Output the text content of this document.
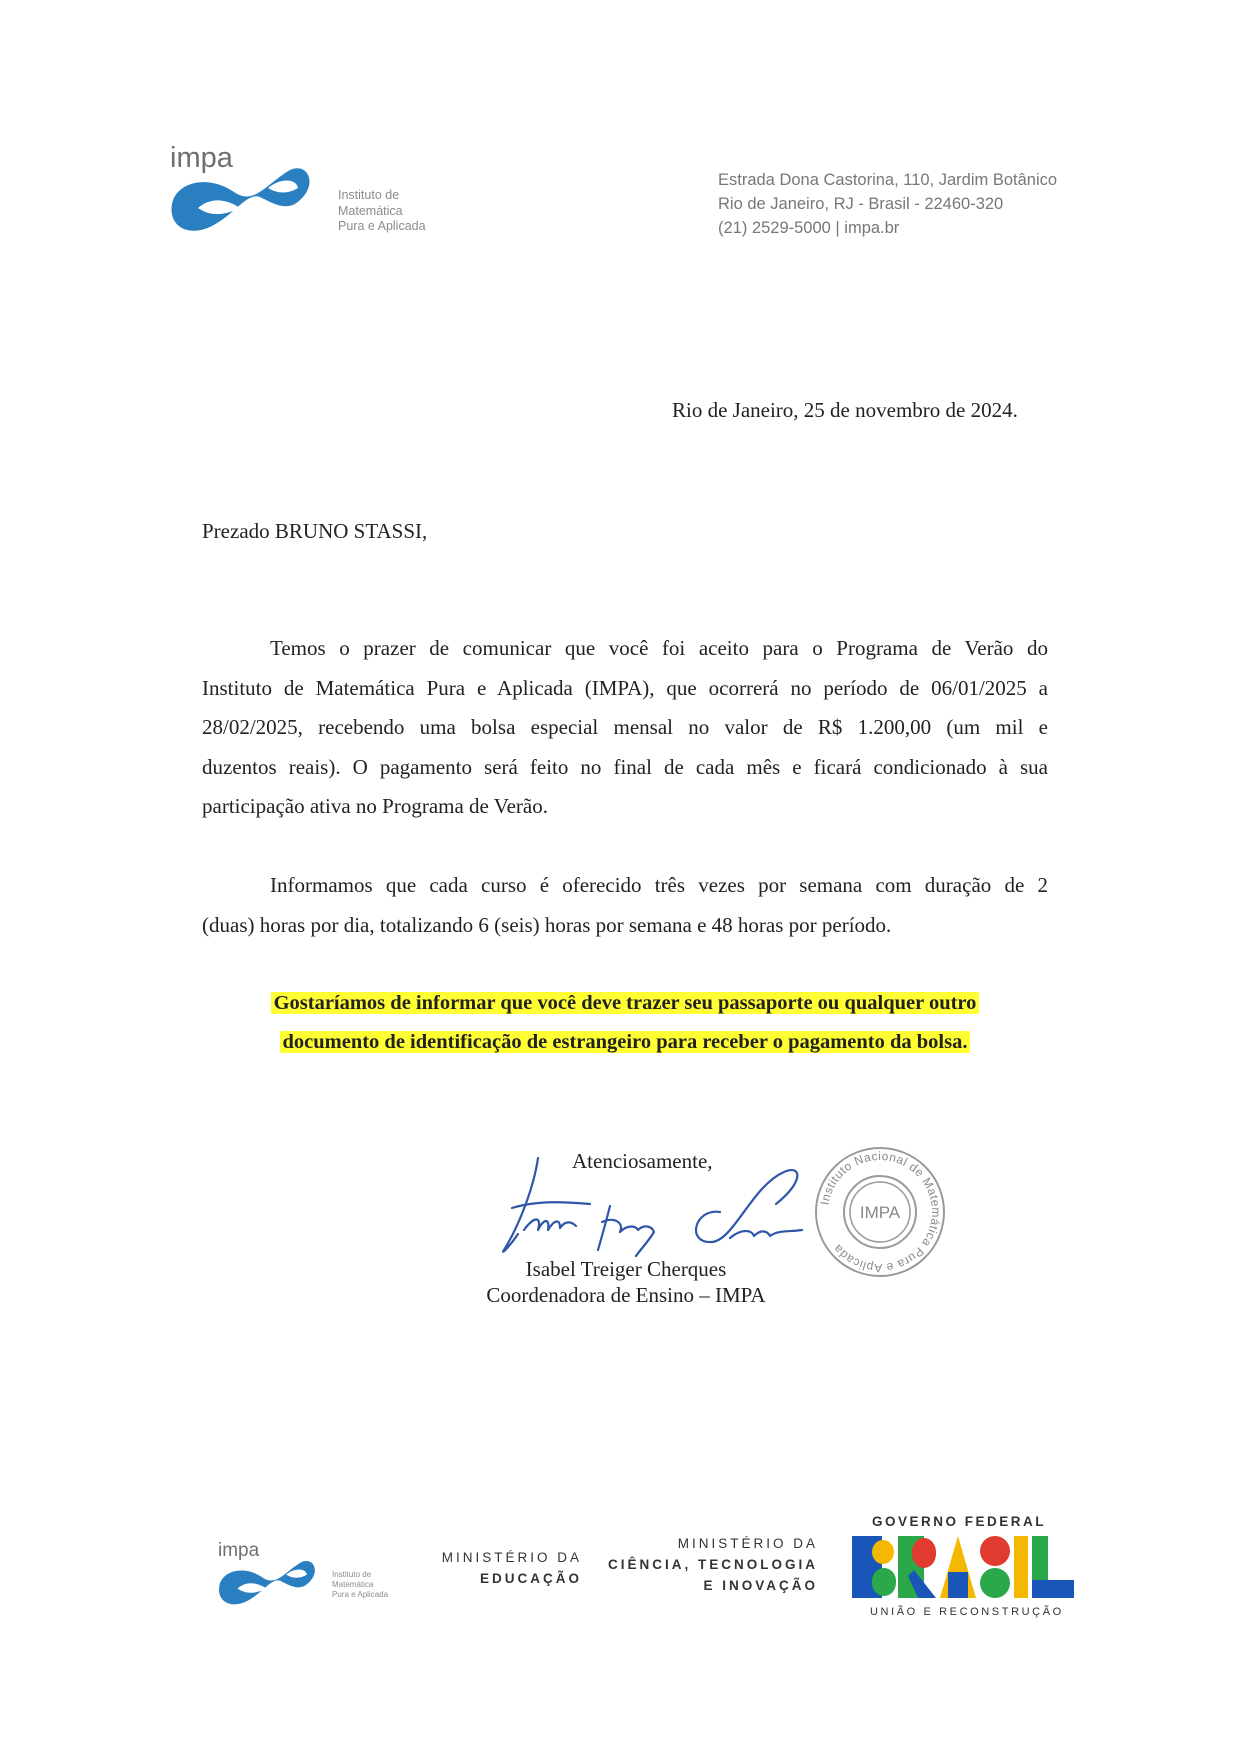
impa
Instituto de
Matemática
Pura e Aplicada
Estrada Dona Castorina, 110, Jardim Botânico
Rio de Janeiro, RJ - Brasil - 22460-320
(21) 2529-5000 | impa.br
Rio de Janeiro, 25 de novembro de 2024.
Prezado BRUNO STASSI,
Temos o prazer de comunicar que você foi aceito para o Programa de Verão do
Instituto de Matemática Pura e Aplicada (IMPA), que ocorrerá no período de 06/01/2025 a
28/02/2025, recebendo uma bolsa especial mensal no valor de R$ 1.200,00 (um mil e
duzentos reais). O pagamento será feito no final de cada mês e ficará condicionado à sua
participação ativa no Programa de Verão.
Informamos que cada curso é oferecido três vezes por semana com duração de 2
(duas) horas por dia, totalizando 6 (seis) horas por semana e 48 horas por período.
Gostaríamos de informar que você deve trazer seu passaporte ou qualquer outro
documento de identificação de estrangeiro para receber o pagamento da bolsa.
Atenciosamente,
Isabel Treiger Cherques
Coordenadora de Ensino – IMPA
Instituto Nacional de Matemática Pura e Aplicada
IMPA
impa
Instituto de
Matemática
Pura e Aplicada
MINISTÉRIO DA
EDUCAÇÃO
MINISTÉRIO DA
CIÊNCIA, TECNOLOGIA
E INOVAÇÃO
GOVERNO FEDERAL
UNIÃO E RECONSTRUÇÃO
